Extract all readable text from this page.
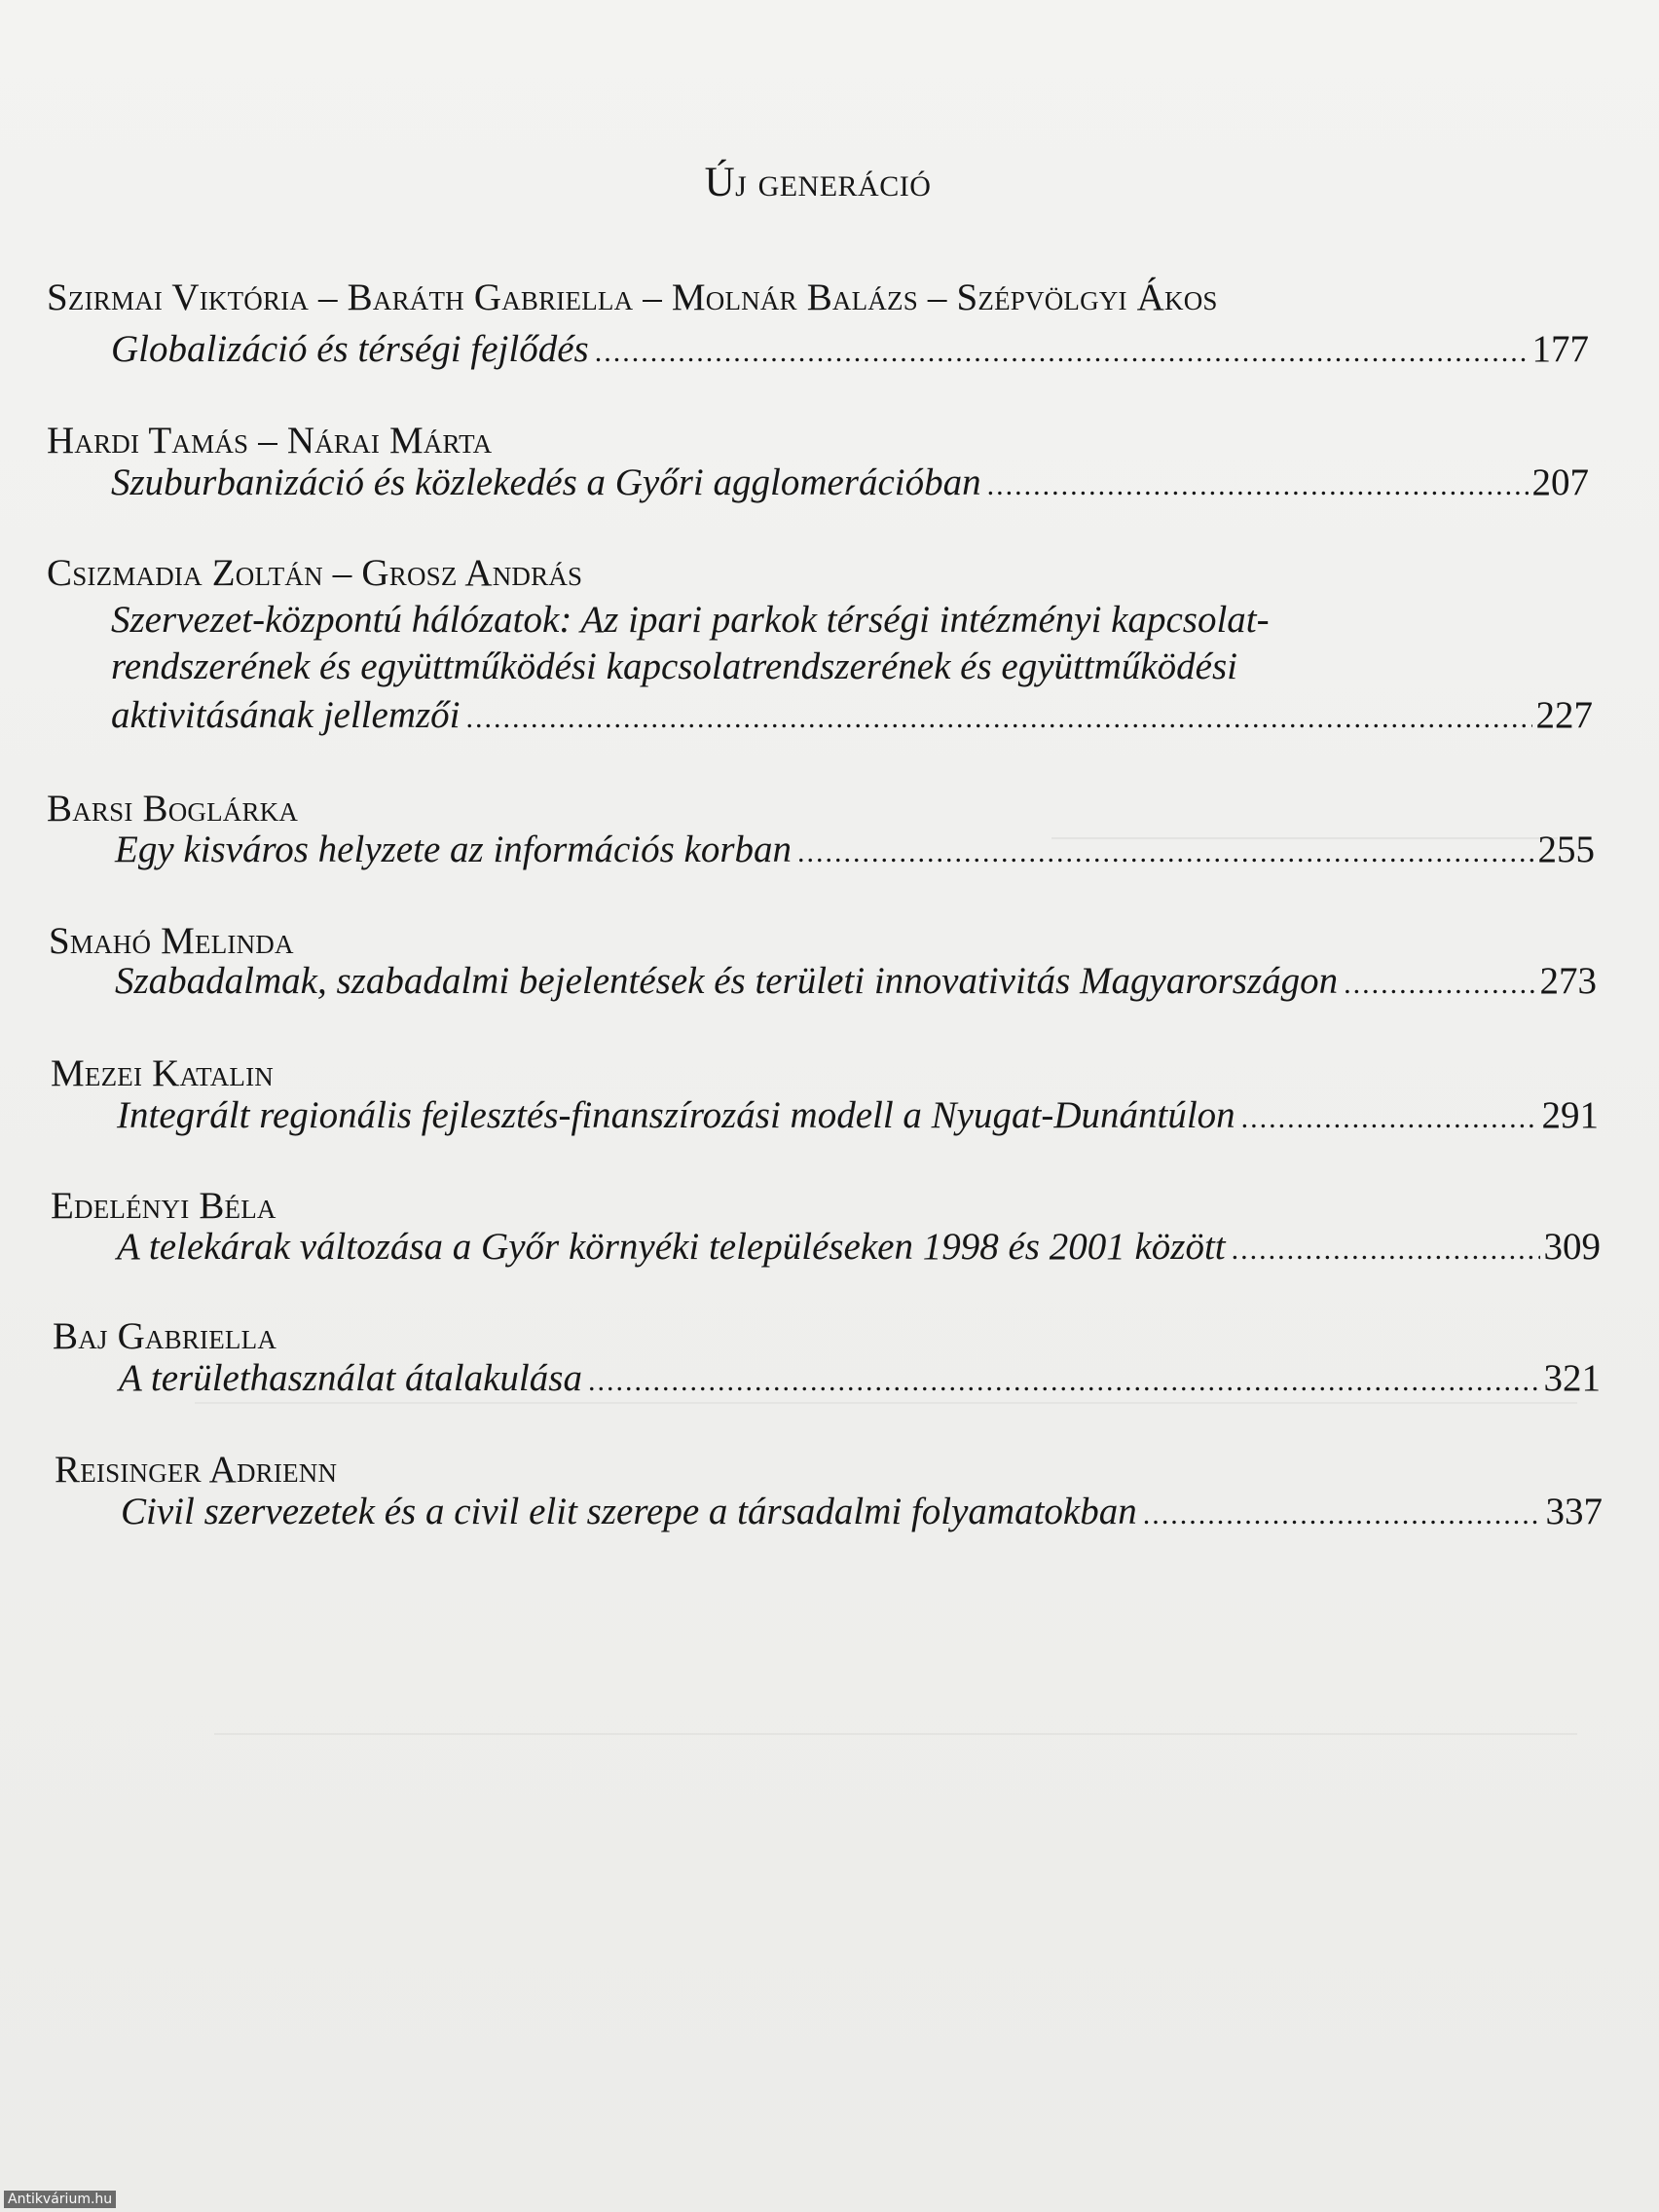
Új generáció
Szirmai Viktória – Baráth Gabriella – Molnár Balázs – Szépvölgyi Ákos
Globalizáció és térségi fejlődés .....	177
Hardi Tamás – Nárai Márta
Szuburbanizáció és közlekedés a Győri agglomerációban .....	207
Csizmadia Zoltán – Grosz András
Szervezet-központú hálózatok: Az ipari parkok térségi intézményi kapcsolat-
rendszerének és együttműködési kapcsolatrendszerének és együttműködési
aktivitásának jellemzői .....	227
Barsi Boglárka
Egy kisváros helyzete az információs korban .....	255
Smahó Melinda
Szabadalmak, szabadalmi bejelentések és területi innovativitás Magyarországon .....	273
Mezei Katalin
Integrált regionális fejlesztés-finanszírozási modell a Nyugat-Dunántúlon .....	291
Edelényi Béla
A telekárak változása a Győr környéki településeken 1998 és 2001 között .....	309
Baj Gabriella
A területhasználat átalakulása .....	321
Reisinger Adrienn
Civil szervezetek és a civil elit szerepe a társadalmi folyamatokban .....	337
Antikvárium.hu
